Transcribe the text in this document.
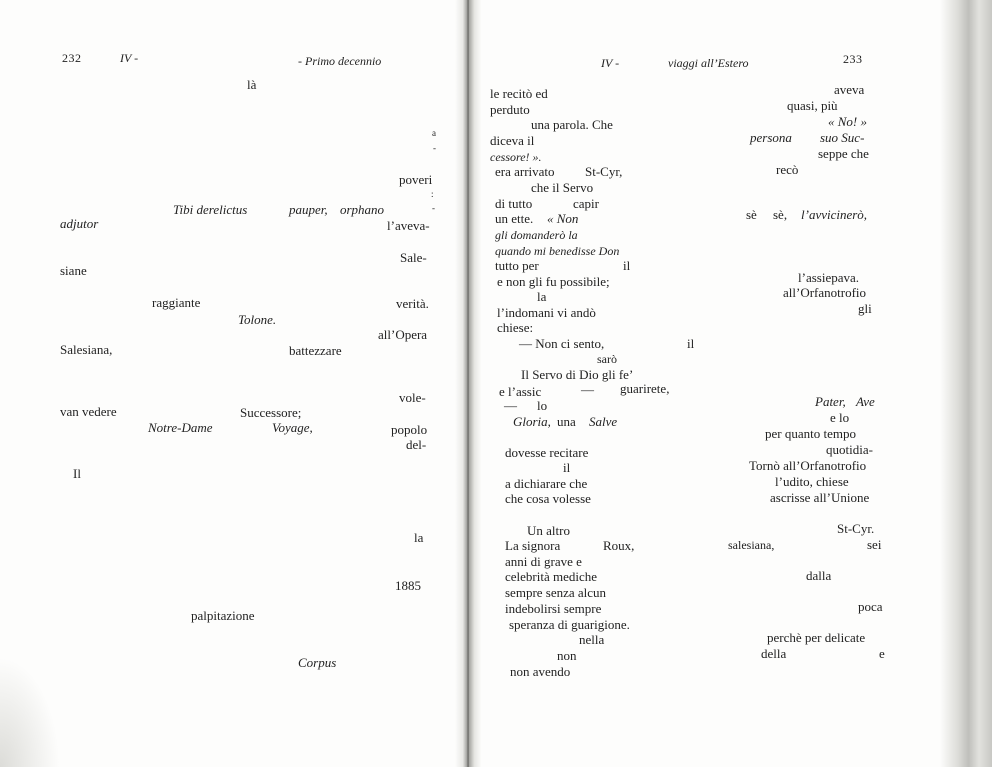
232	IV -	- Primo decennio
là
a
-
poveri
:
Tibi derelictus	pauper, orphano	-
adjutor	l’aveva-
Sale-
siane
raggiante	verità.
Tolone.
all’Opera
Salesiana,	battezzare
vole-
van vedere	Successore;
Notre-Dame	Voyage,	popolo
del-
Il
la
1885
palpitazione
Corpus
IV -	viaggi all’Estero	233
le recitò ed	aveva
perduto	quasi, più
una parola. Che	« No! »
diceva il	persona suo Suc-
cessore! ».	seppe che
era arrivato St-Cyr,	recò
che il Servo
di tutto	capir
un ette. « Non	sè sè, l’avvicinerò,
gli domanderò la
quando mi benedisse Don
tutto per	il
e non gli fu possibile;	l’assiepava.
la	all’Orfanotrofio
l’indomani vi andò	gli
chiese:
— Non ci sento,	il
sarò
Il Servo di Dio gli fe’
e l’assic	— guarirete,
— lo
Gloria, una Salve
Pater, Ave
e lo
per quanto tempo
quotidia-
dovesse recitare
Tornò all’Orfanotrofio
il
l’udito, chiese
a dichiarare che
ascrisse all’Unione
che cosa volesse
Un altro	St-Cyr.
La signora	Roux,	salesiana,	sei
anni di grave e
celebrità mediche	dalla
sempre senza alcun
indebolirsi sempre	poca
speranza di guarigione.
nella	perchè per delicate
non	della	e
non avendo
